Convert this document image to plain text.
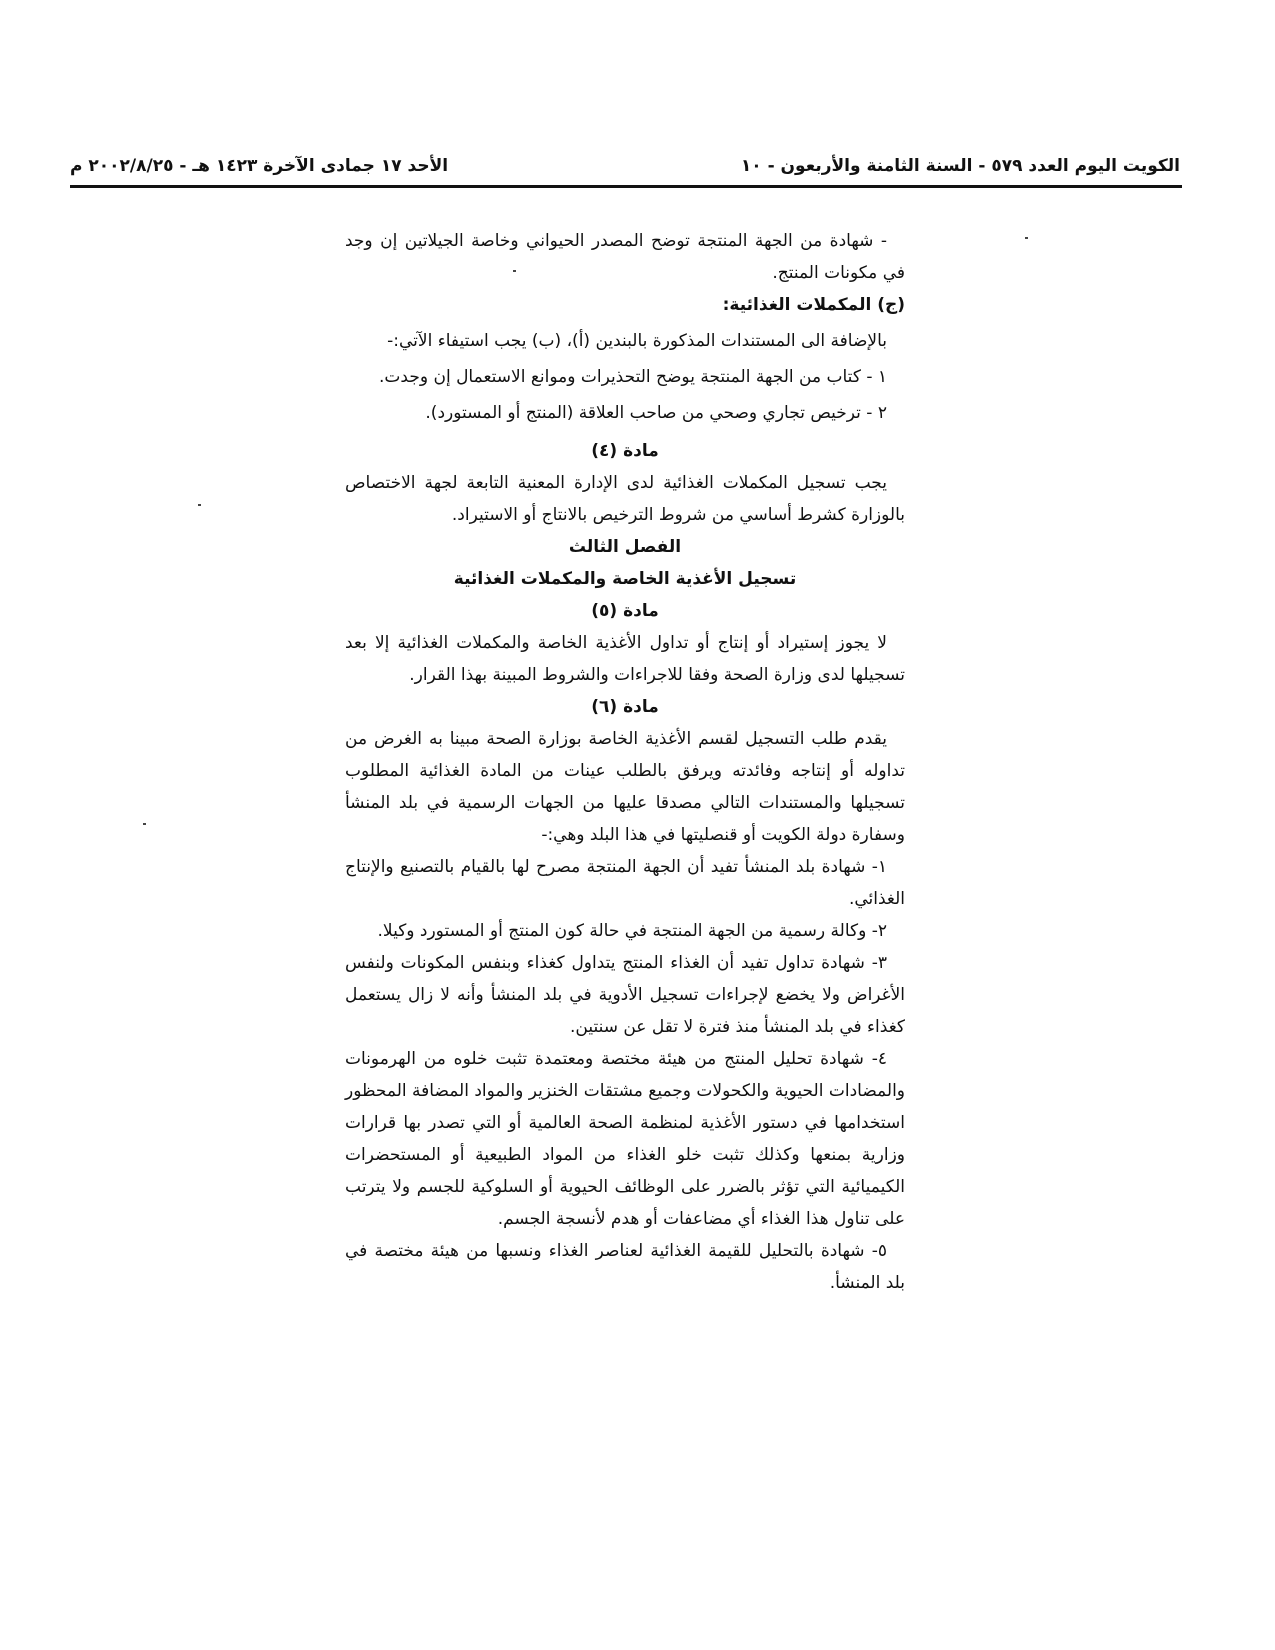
الكويت اليوم العدد ٥٧٩ - السنة الثامنة والأربعون - ١٠
الأحد ١٧ جمادى الآخرة ١٤٢٣ هـ - ٢٠٠٢/٨/٢٥ م

- شهادة من الجهة المنتجة توضح المصدر الحيواني وخاصة الجيلاتين إن وجد في مكونات المنتج.

(ج) المكملات الغذائية:

بالإضافة الى المستندات المذكورة بالبندين (أ)، (ب) يجب استيفاء الآتي:-

١ - كتاب من الجهة المنتجة يوضح التحذيرات وموانع الاستعمال إن وجدت.

٢ - ترخيص تجاري وصحي من صاحب العلاقة (المنتج أو المستورد).

مادة (٤)

يجب تسجيل المكملات الغذائية لدى الإدارة المعنية التابعة لجهة الاختصاص بالوزارة كشرط أساسي من شروط الترخيص بالانتاج أو الاستيراد.

الفصل الثالث

تسجيل الأغذية الخاصة والمكملات الغذائية

مادة (٥)

لا يجوز إستيراد أو إنتاج أو تداول الأغذية الخاصة والمكملات الغذائية إلا بعد تسجيلها لدى وزارة الصحة وفقا للاجراءات والشروط المبينة بهذا القرار.

مادة (٦)

يقدم طلب التسجيل لقسم الأغذية الخاصة بوزارة الصحة مبينا به الغرض من تداوله أو إنتاجه وفائدته ويرفق بالطلب عينات من المادة الغذائية المطلوب تسجيلها والمستندات التالي مصدقا عليها من الجهات الرسمية في بلد المنشأ وسفارة دولة الكويت أو قنصليتها في هذا البلد وهي:-

١- شهادة بلد المنشأ تفيد أن الجهة المنتجة مصرح لها بالقيام بالتصنيع والإنتاج الغذائي.

٢- وكالة رسمية من الجهة المنتجة في حالة كون المنتج أو المستورد وكيلا.

٣- شهادة تداول تفيد أن الغذاء المنتج يتداول كغذاء وبنفس المكونات ولنفس الأغراض ولا يخضع لإجراءات تسجيل الأدوية في بلد المنشأ وأنه لا زال يستعمل كغذاء في بلد المنشأ منذ فترة لا تقل عن سنتين.

٤- شهادة تحليل المنتج من هيئة مختصة ومعتمدة تثبت خلوه من الهرمونات والمضادات الحيوية والكحولات وجميع مشتقات الخنزير والمواد المضافة المحظور استخدامها في دستور الأغذية لمنظمة الصحة العالمية أو التي تصدر بها قرارات وزارية بمنعها وكذلك تثبت خلو الغذاء من المواد الطبيعية أو المستحضرات الكيميائية التي تؤثر بالضرر على الوظائف الحيوية أو السلوكية للجسم ولا يترتب على تناول هذا الغذاء أي مضاعفات أو هدم لأنسجة الجسم.

٥- شهادة بالتحليل للقيمة الغذائية لعناصر الغذاء ونسبها من هيئة مختصة في بلد المنشأ.
